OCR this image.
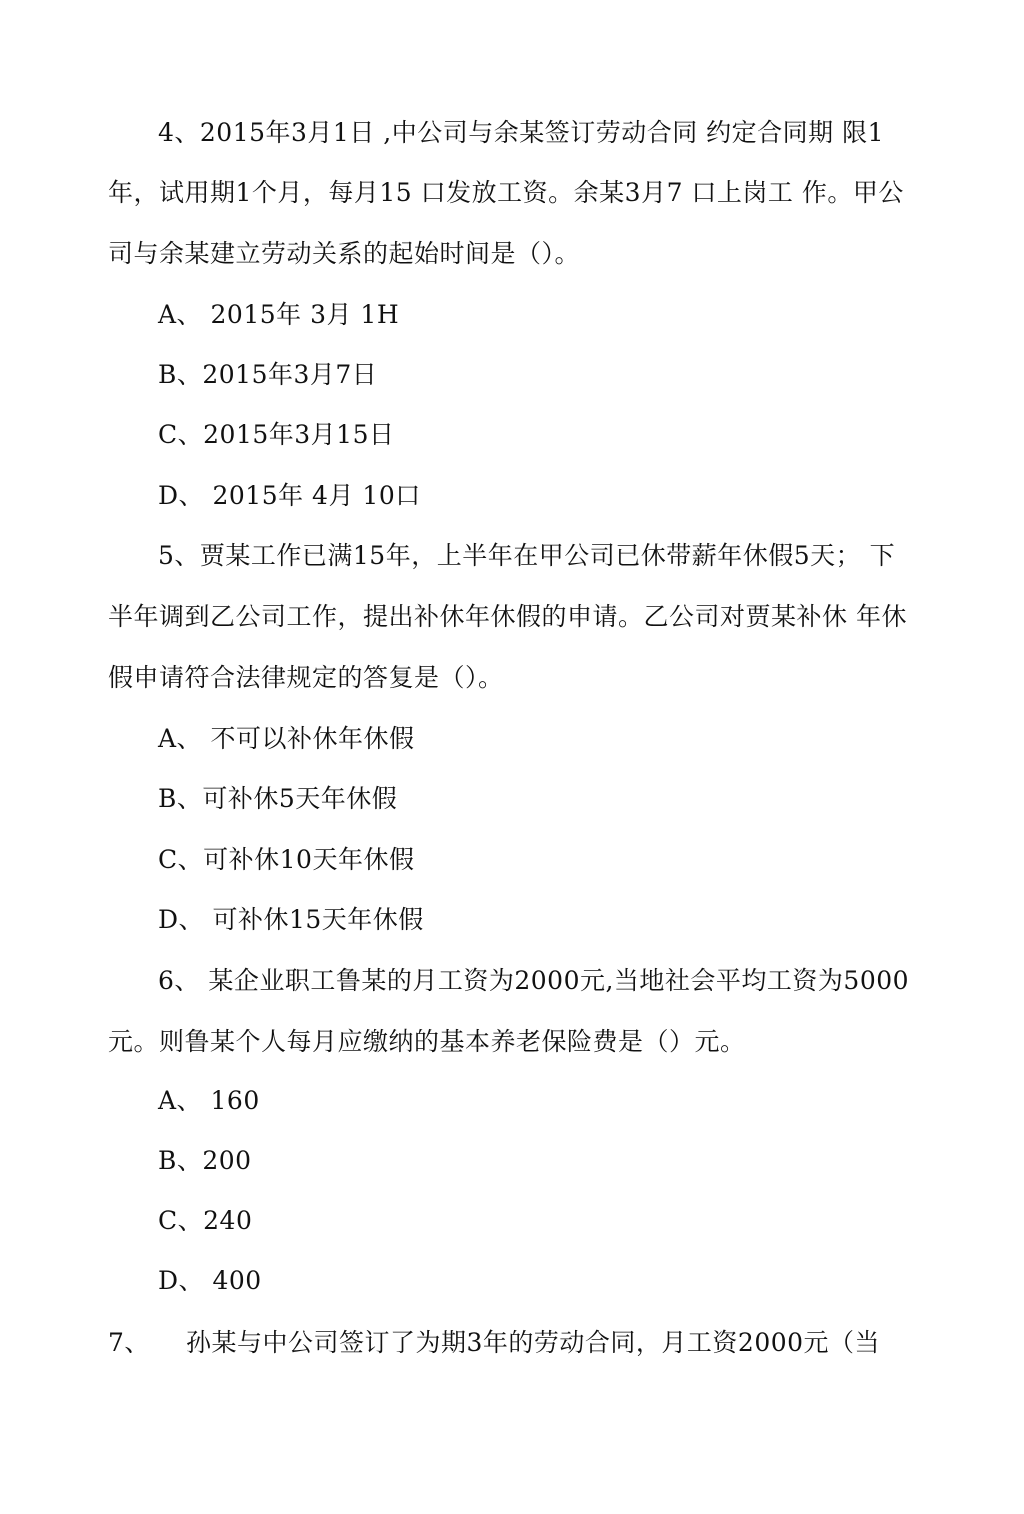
4、2015年3月1日 ,中公司与余某签订劳动合同 约定合同期 限1
年，试用期1个月，每月15 口发放工资。余某3月7 口上岗工 作。甲公
司与余某建立劳动关系的起始时间是（）。
A、 2015年 3月 1H
B、2015年3月7日
C、2015年3月15日
D、 2015年 4月 10口
5、贾某工作已满15年，上半年在甲公司已休带薪年休假5天； 下
半年调到乙公司工作，提出补休年休假的申请。乙公司对贾某补休 年休
假申请符合法律规定的答复是（）。
A、 不可以补休年休假
B、可补休5天年休假
C、可补休10天年休假
D、 可补休15天年休假
6、 某企业职工鲁某的月工资为2000元,当地社会平均工资为5000
元。则鲁某个人每月应缴纳的基本养老保险费是（）元。
A、 160
B、200
C、240
D、 400
7、 孙某与中公司签订了为期3年的劳动合同，月工资2000元（当
